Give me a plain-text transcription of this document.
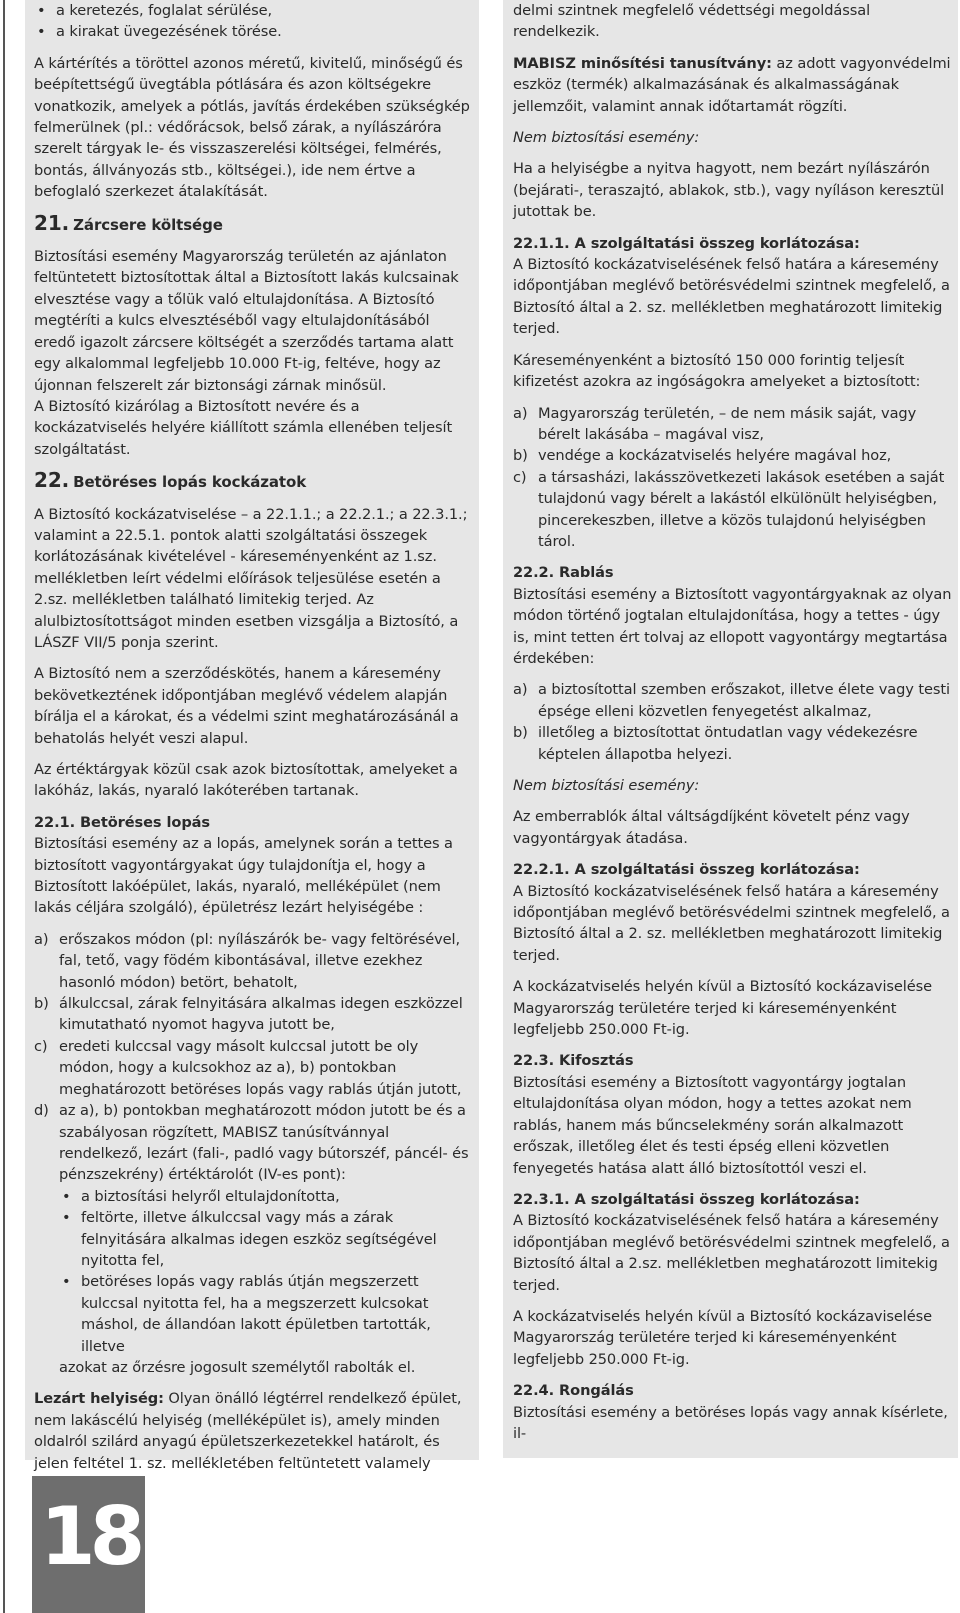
• a keretezés, foglalat sérülése,
• a kirakat üvegezésének törése.

A kártérítés a töröttel azonos méretű, kivitelű, minőségű és beépítettségű üvegtábla pótlására és azon költségekre vonatkozik, amelyek a pótlás, javítás érdekében szükségkép felmerülnek (pl.: védőrácsok, belső zárak, a nyílászáróra szerelt tárgyak le- és visszaszerelési költségei, felmérés, bontás, állványozás stb., költségei.), ide nem értve a befoglaló szerkezet átalakítását.

21. Zárcsere költsége

Biztosítási esemény Magyarország területén az ajánlaton feltüntetett biztosítottak által a Biztosított lakás kulcsainak elvesztése vagy a tőlük való eltulajdonítása. A Biztosító megtéríti a kulcs elvesztéséből vagy eltulajdonításából eredő igazolt zárcsere költségét a szerződés tartama alatt egy alkalommal legfeljebb 10.000 Ft-ig, feltéve, hogy az újonnan felszerelt zár biztonsági zárnak minősül.

A Biztosító kizárólag a Biztosított nevére és a kockázatviselés helyére kiállított számla ellenében teljesít szolgáltatást.

22. Betöréses lopás kockázatok

A Biztosító kockázatviselése – a 22.1.1.; a 22.2.1.; a 22.3.1.; valamint a 22.5.1. pontok alatti szolgáltatási összegek korlátozásának kivételével - káreseményenként az 1.sz. mellékletben leírt védelmi előírások teljesülése esetén a 2.sz. mellékletben található limitekig terjed. Az alulbiztosítottságot minden esetben vizsgálja a Biztosító, a LÁSZF VII/5 ponja szerint.

A Biztosító nem a szerződéskötés, hanem a káresemény bekövetkeztének időpontjában meglévő védelem alapján bírálja el a károkat, és a védelmi szint meghatározásánál a behatolás helyét veszi alapul.

Az értéktárgyak közül csak azok biztosítottak, amelyeket a lakóház, lakás, nyaraló lakóterében tartanak.

22.1. Betöréses lopás

Biztosítási esemény az a lopás, amelynek során a tettes a biztosított vagyontárgyakat úgy tulajdonítja el, hogy a Biztosított lakóépület, lakás, nyaraló, melléképület (nem lakás céljára szolgáló), épületrész lezárt helyiségébe :

a) erőszakos módon (pl: nyílászárók be- vagy feltörésével, fal, tető, vagy födém kibontásával, illetve ezekhez hasonló módon) betört, behatolt,
b) álkulccsal, zárak felnyitására alkalmas idegen eszközzel kimutatható nyomot hagyva jutott be,
c) eredeti kulccsal vagy másolt kulccsal jutott be oly módon, hogy a kulcsokhoz az a), b) pontokban meghatározott betöréses lopás vagy rablás útján jutott,
d) az a), b) pontokban meghatározott módon jutott be és a szabályosan rögzített, MABISZ tanúsítvánnyal rendelkező, lezárt (fali-, padló vagy bútorszéf, páncél- és pénzszekrény) értéktárolót (IV-es pont):
• a biztosítási helyről eltulajdonította,
• feltörte, illetve álkulccsal vagy más a zárak felnyitására alkalmas idegen eszköz segítségével nyitotta fel,
• betöréses lopás vagy rablás útján megszerzett kulccsal nyitotta fel, ha a megszerzett kulcsokat máshol, de állandóan lakott épületben tartották, illetve
azokat az őrzésre jogosult személytől rabolták el.

Lezárt helyiség: Olyan önálló légtérrel rendelkező épület, nem lakáscélú helyiség (melléképület is), amely minden oldalról szilárd anyagú épületszerkezetekkel határolt, és jelen feltétel 1. sz. mellékletében feltüntetett valamely

delmi szintnek megfelelő védettségi megoldással rendelkezik.

MABISZ minősítési tanusítvány: az adott vagyonvédelmi eszköz (termék) alkalmazásának és alkalmasságának jellemzőit, valamint annak időtartamát rögzíti.

Nem biztosítási esemény:

Ha a helyiségbe a nyitva hagyott, nem bezárt nyílászárón (bejárati-, teraszajtó, ablakok, stb.), vagy nyíláson keresztül jutottak be.

22.1.1. A szolgáltatási összeg korlátozása:

A Biztosító kockázatviselésének felső határa a káresemény időpontjában meglévő betörésvédelmi szintnek megfelelő, a Biztosító által a 2. sz. mellékletben meghatározott limitekig terjed.

Káreseményenként a biztosító 150 000 forintig teljesít kifizetést azokra az ingóságokra amelyeket a biztosított:

a) Magyarország területén, – de nem másik saját, vagy bérelt lakásába – magával visz,
b) vendége a kockázatviselés helyére magával hoz,
c) a társasházi, lakásszövetkezeti lakások esetében a saját tulajdonú vagy bérelt a lakástól elkülönült helyiségben, pincerekeszben, illetve a közös tulajdonú helyiségben tárol.
22.2. Rablás

Biztosítási esemény a Biztosított vagyontárgyaknak az olyan módon történő jogtalan eltulajdonítása, hogy a tettes - úgy is, mint tetten ért tolvaj az ellopott vagyontárgy megtartása érdekében:

a) a biztosítottal szemben erőszakot, illetve élete vagy testi épsége elleni közvetlen fenyegetést alkalmaz,
b) illetőleg a biztosítottat öntudatlan vagy védekezésre képtelen állapotba helyezi.

Nem biztosítási esemény:

Az emberrablók által váltságdíjként követelt pénz vagy vagyontárgyak átadása.

22.2.1. A szolgáltatási összeg korlátozása:

A Biztosító kockázatviselésének felső határa a káresemény időpontjában meglévő betörésvédelmi szintnek megfelelő, a Biztosító által a 2. sz. mellékletben meghatározott limitekig terjed.

A kockázatviselés helyén kívül a Biztosító kockázaviselése Magyarország területére terjed ki káreseményenként legfeljebb 250.000 Ft-ig.

22.3. Kifosztás

Biztosítási esemény a Biztosított vagyontárgy jogtalan eltulajdonítása olyan módon, hogy a tettes azokat nem rablás, hanem más bűncselekmény során alkalmazott erőszak, illetőleg élet és testi épség elleni közvetlen fenyegetés hatása alatt álló biztosítottól veszi el.

22.3.1. A szolgáltatási összeg korlátozása:

A Biztosító kockázatviselésének felső határa a káresemény időpontjában meglévő betörésvédelmi szintnek megfelelő, a Biztosító által a 2.sz. mellékletben meghatározott limitekig terjed.

A kockázatviselés helyén kívül a Biztosító kockázaviselése Magyarország területére terjed ki káreseményenként legfeljebb 250.000 Ft-ig.

22.4. Rongálás

Biztosítási esemény a betöréses lopás vagy annak kísérlete, il-

18
